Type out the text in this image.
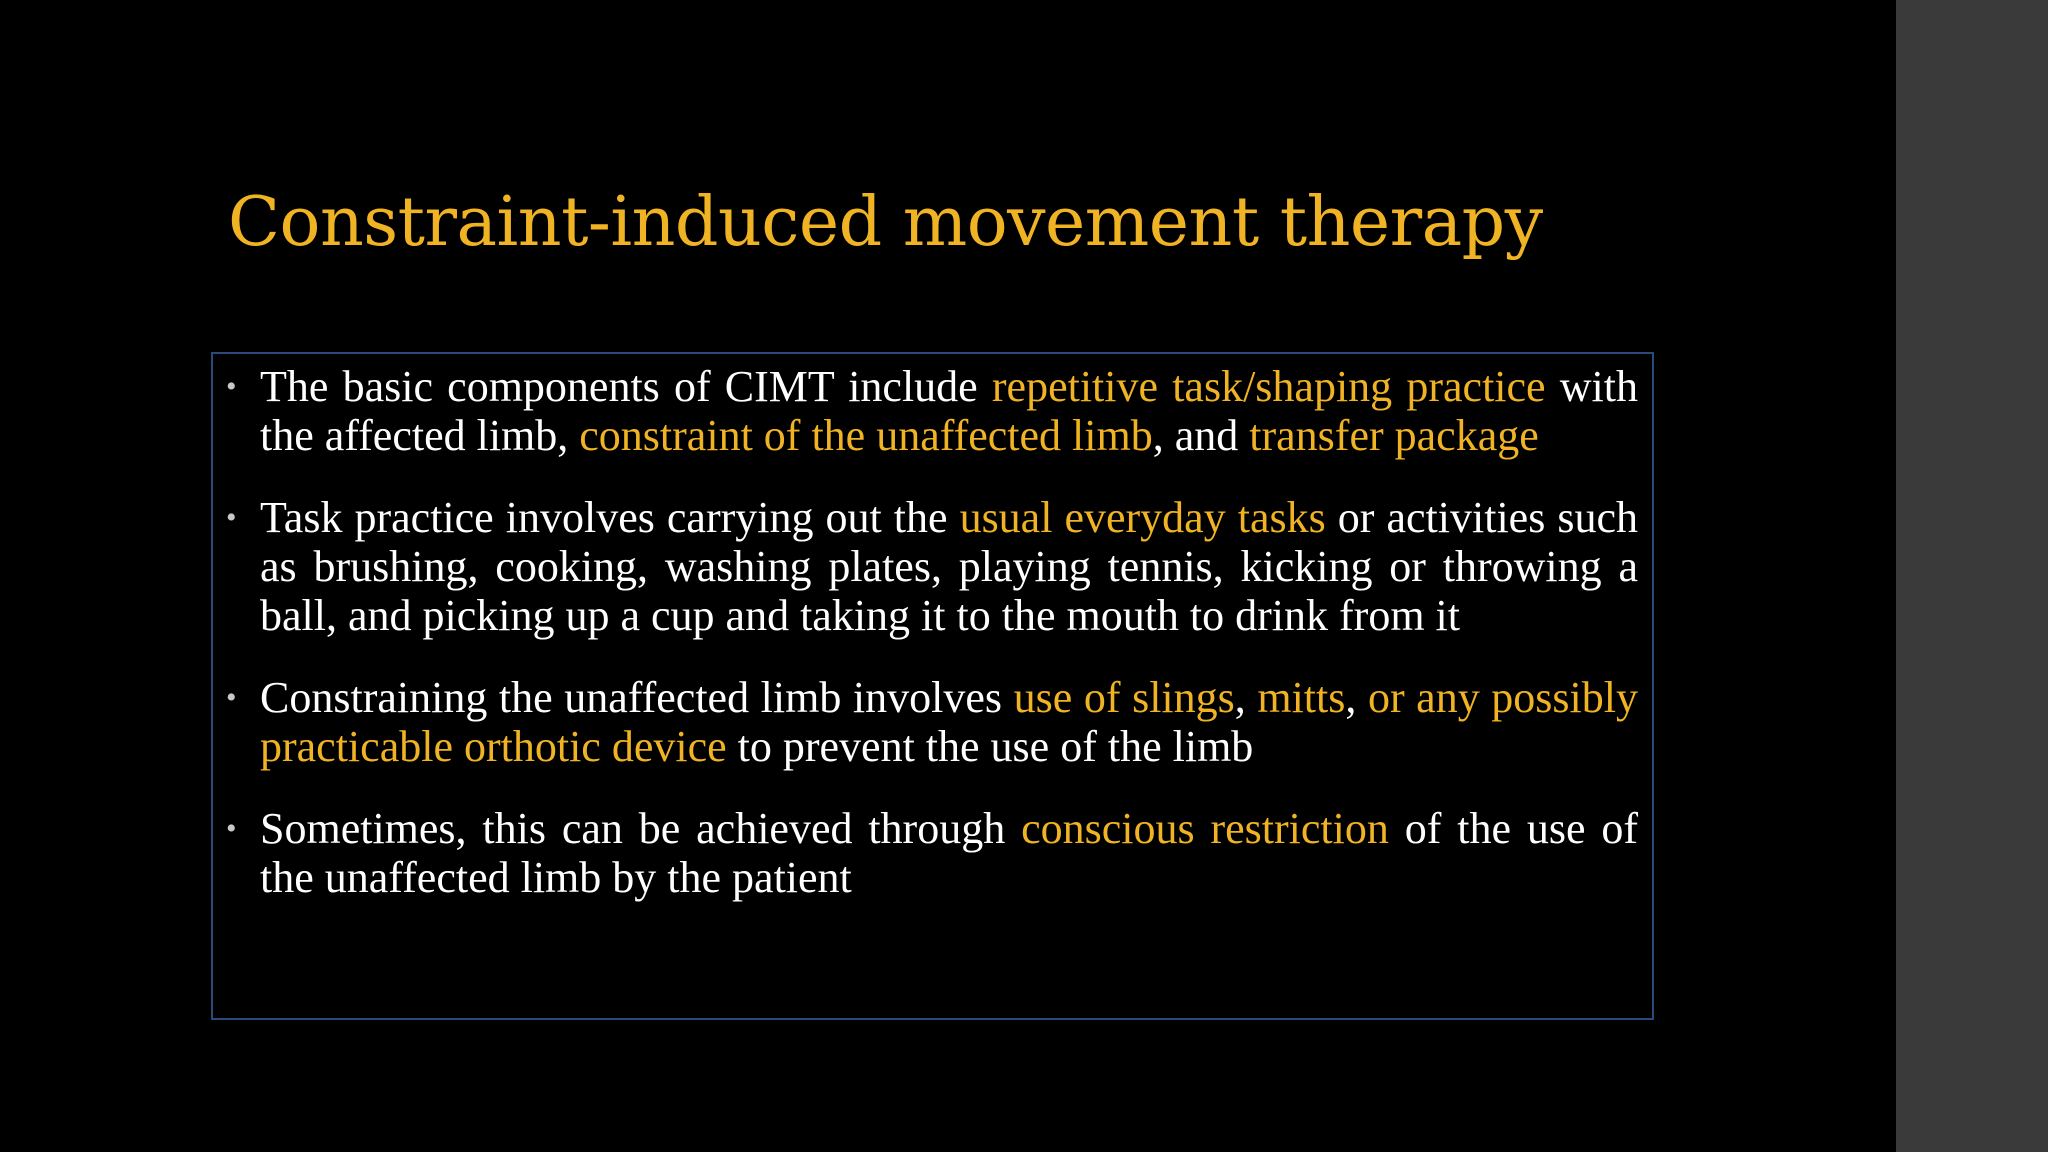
Constraint-induced movement therapy
• The basic components of CIMT include repetitive task/shaping practice with the affected limb, constraint of the unaffected limb, and transfer package
• Task practice involves carrying out the usual everyday tasks or activities such as brushing, cooking, washing plates, playing tennis, kicking or throwing a ball, and picking up a cup and taking it to the mouth to drink from it
• Constraining the unaffected limb involves use of slings, mitts, or any possibly practicable orthotic device to prevent the use of the limb
• Sometimes, this can be achieved through conscious restriction of the use of the unaffected limb by the patient
